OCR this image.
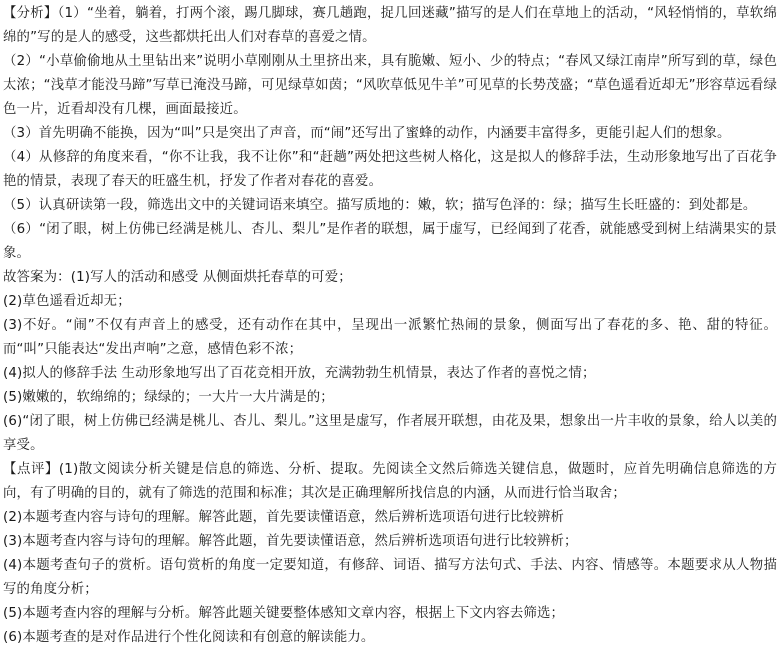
【分析】（1）“坐着，躺着，打两个滚，踢几脚球，赛几趟跑，捉几回迷藏”描写的是人们在草地上的活动，“风轻悄悄的，草软绵绵的”写的是人的感受，这些都烘托出人们对春草的喜爱之情。

（2）“小草偷偷地从土里钻出来”说明小草刚刚从土里挤出来，具有脆嫩、短小、少的特点；“春风又绿江南岸”所写到的草，绿色太浓；“浅草才能没马蹄”写草已淹没马蹄，可见绿草如茵；“风吹草低见牛羊”可见草的长势茂盛；“草色遥看近却无”形容草远看绿色一片，近看却没有几棵，画面最接近。

（3）首先明确不能换，因为“叫”只是突出了声音，而“闹”还写出了蜜蜂的动作，内涵要丰富得多，更能引起人们的想象。

（4）从修辞的角度来看，“你不让我，我不让你”和“赶趟”两处把这些树人格化，这是拟人的修辞手法，生动形象地写出了百花争艳的情景，表现了春天的旺盛生机，抒发了作者对春花的喜爱。

（5）认真研读第一段，筛选出文中的关键词语来填空。描写质地的：嫩，软；描写色泽的：绿；描写生长旺盛的：到处都是。

（6）“闭了眼，树上仿佛已经满是桃儿、杏儿、梨儿”是作者的联想，属于虚写，已经闻到了花香，就能感受到树上结满果实的景象。

故答案为：(1)写人的活动和感受 从侧面烘托春草的可爱；

(2)草色遥看近却无；

(3)不好。“闹”不仅有声音上的感受，还有动作在其中，呈现出一派繁忙热闹的景象，侧面写出了春花的多、艳、甜的特征。而“叫”只能表达“发出声响”之意，感情色彩不浓；

(4)拟人的修辞手法 生动形象地写出了百花竞相开放，充满勃勃生机情景，表达了作者的喜悦之情；

(5)嫩嫩的，软绵绵的；绿绿的；一大片一大片满是的；

(6)“闭了眼，树上仿佛已经满是桃儿、杏儿、梨儿。”这里是虚写，作者展开联想，由花及果，想象出一片丰收的景象，给人以美的享受。

【点评】(1)散文阅读分析关键是信息的筛选、分析、提取。先阅读全文然后筛选关键信息，做题时，应首先明确信息筛选的方向，有了明确的目的，就有了筛选的范围和标准；其次是正确理解所找信息的内涵，从而进行恰当取舍；

(2)本题考查内容与诗句的理解。解答此题，首先要读懂语意，然后辨析选项语句进行比较辨析

(3)本题考查内容与诗句的理解。解答此题，首先要读懂语意，然后辨析选项语句进行比较辨析；

(4)本题考查句子的赏析。语句赏析的角度一定要知道，有修辞、词语、描写方法句式、手法、内容、情感等。本题要求从人物描写的角度分析；

(5)本题考查内容的理解与分析。解答此题关键要整体感知文章内容，根据上下文内容去筛选；

(6)本题考查的是对作品进行个性化阅读和有创意的解读能力。
